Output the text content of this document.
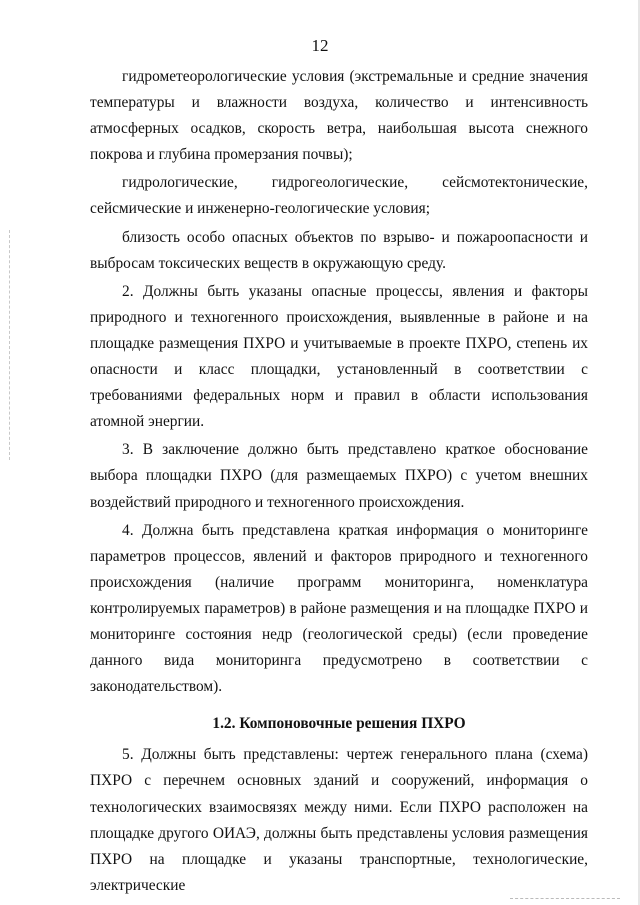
12

гидрометеорологические условия (экстремальные и средние значения температуры и влажности воздуха, количество и интенсивность атмосферных осадков, скорость ветра, наибольшая высота снежного покрова и глубина промерзания почвы);

гидрологические, гидрогеологические, сейсмотектонические, сейсмические и инженерно-геологические условия;

близость особо опасных объектов по взрыво- и пожароопасности и выбросам токсических веществ в окружающую среду.

2. Должны быть указаны опасные процессы, явления и факторы природного и техногенного происхождения, выявленные в районе и на площадке размещения ПХРО и учитываемые в проекте ПХРО, степень их опасности и класс площадки, установленный в соответствии с требованиями федеральных норм и правил в области использования атомной энергии.

3. В заключение должно быть представлено краткое обоснование выбора площадки ПХРО (для размещаемых ПХРО) с учетом внешних воздействий природного и техногенного происхождения.

4. Должна быть представлена краткая информация о мониторинге параметров процессов, явлений и факторов природного и техногенного происхождения (наличие программ мониторинга, номенклатура контролируемых параметров) в районе размещения и на площадке ПХРО и мониторинге состояния недр (геологической среды) (если проведение данного вида мониторинга предусмотрено в соответствии с законодательством).

1.2. Компоновочные решения ПХРО

5. Должны быть представлены: чертеж генерального плана (схема) ПХРО с перечнем основных зданий и сооружений, информация о технологических взаимосвязях между ними. Если ПХРО расположен на площадке другого ОИАЭ, должны быть представлены условия размещения ПХРО на площадке и указаны транспортные, технологические, электрические
